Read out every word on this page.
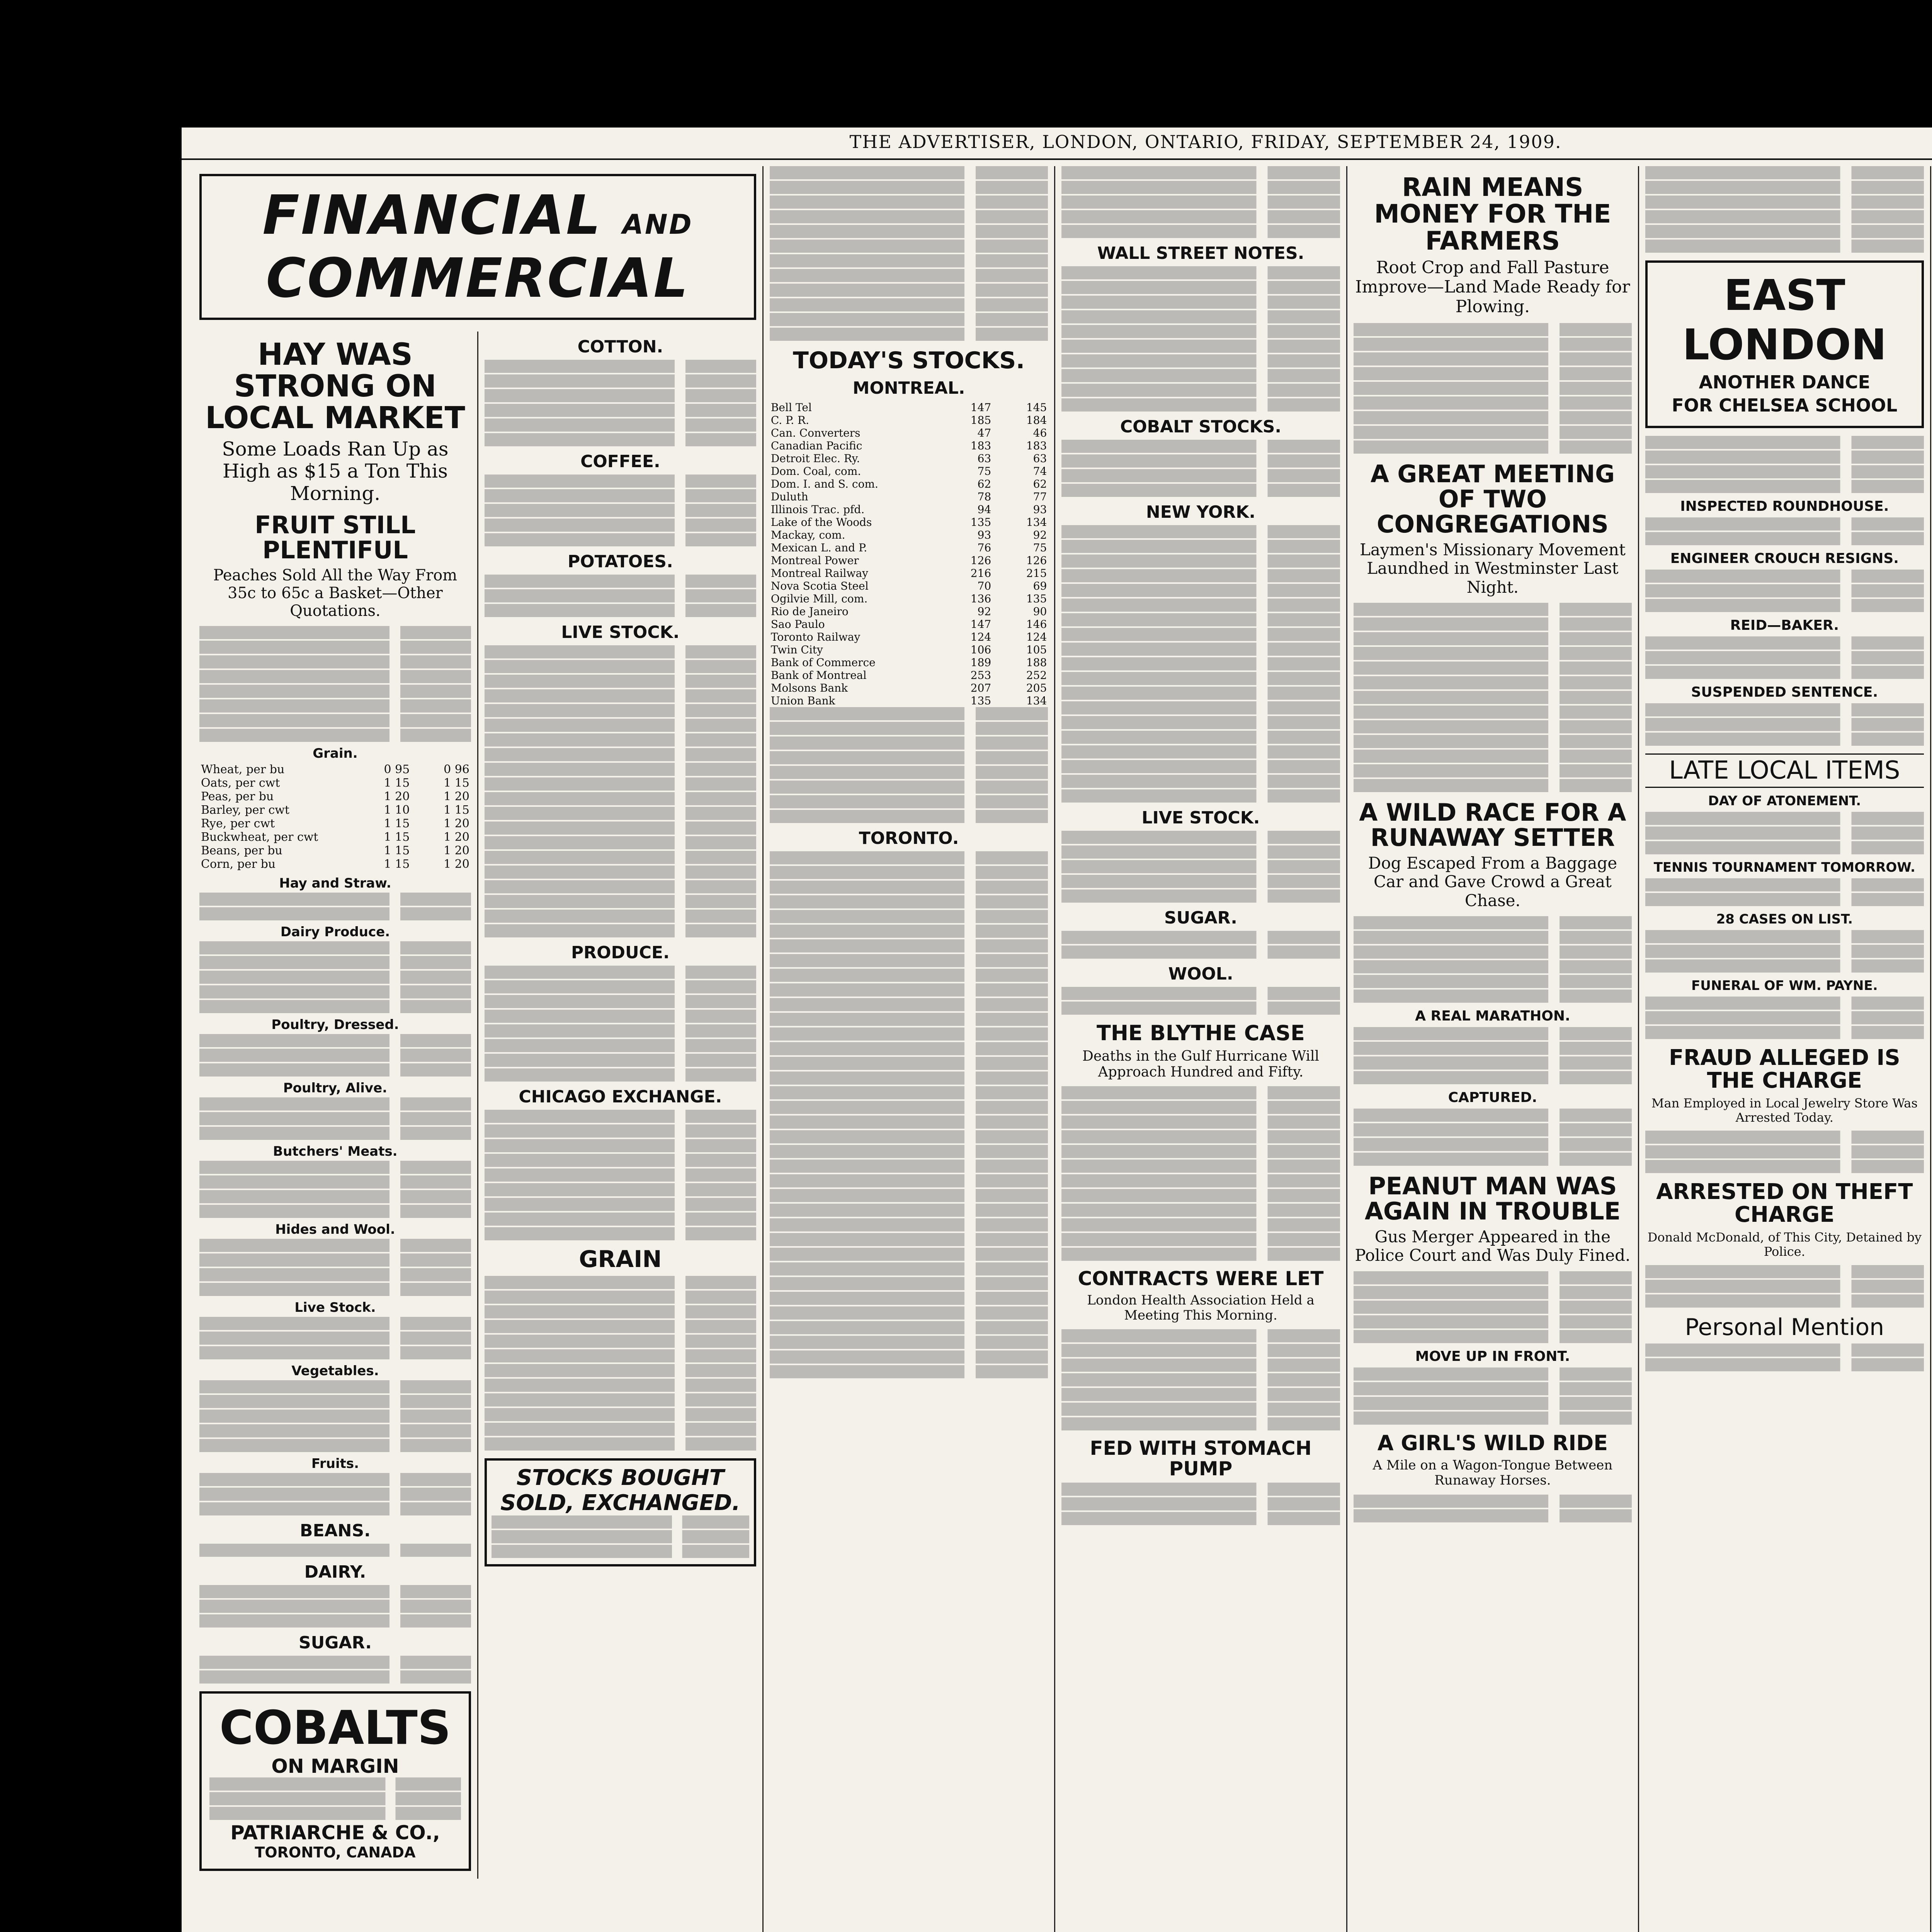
THE ADVERTISER, LONDON, ONTARIO, FRIDAY, SEPTEMBER 24, 1909.
FINANCIAL AND COMMERCIAL
HAY WAS STRONG ON LOCAL MARKET
Some Loads Ran Up as High as $15 a Ton This Morning.
FRUIT STILL PLENTIFUL
Peaches Sold All the Way From 35c to 65c a Basket—Other Quotations.
Grain.
Wheat, per bu	0 95	0 96
Oats, per cwt	1 15	1 15
Peas, per bu	1 20	1 20
Barley, per cwt	1 10	1 15
Rye, per cwt	1 15	1 20
Buckwheat, per cwt	1 15	1 20
Beans, per bu	1 15	1 20
Corn, per bu	1 15	1 20
Hay and Straw.
Dairy Produce.
Poultry, Dressed.
Poultry, Alive.
Butchers' Meats.
Hides and Wool.
Live Stock.
Vegetables.
Fruits.
BEANS.
DAIRY.
SUGAR.
COBALTS
ON MARGIN
PATRIARCHE & CO.,
TORONTO, CANADA
COTTON.
COFFEE.
POTATOES.
LIVE STOCK.
PRODUCE.
CHICAGO EXCHANGE.
GRAIN
STOCKS BOUGHT SOLD, EXCHANGED.
TODAY'S STOCKS.
MONTREAL.
Bell Tel	147	145
C. P. R.	185	184
Can. Converters	47	46
Canadian Pacific	183	183
Detroit Elec. Ry.	63	63
Dom. Coal, com.	75	74
Dom. I. and S. com.	62	62
Duluth	78	77
Illinois Trac. pfd.	94	93
Lake of the Woods	135	134
Mackay, com.	93	92
Mexican L. and P.	76	75
Montreal Power	126	126
Montreal Railway	216	215
Nova Scotia Steel	70	69
Ogilvie Mill, com.	136	135
Rio de Janeiro	92	90
Sao Paulo	147	146
Toronto Railway	124	124
Twin City	106	105
Bank of Commerce	189	188
Bank of Montreal	253	252
Molsons Bank	207	205
Union Bank	135	134
TORONTO.
WALL STREET NOTES.
COBALT STOCKS.
NEW YORK.
LIVE STOCK.
SUGAR.
WOOL.
THE BLYTHE CASE
Deaths in the Gulf Hurricane Will Approach Hundred and Fifty.
CONTRACTS WERE LET
London Health Association Held a Meeting This Morning.
FED WITH STOMACH PUMP
RAIN MEANS MONEY FOR THE FARMERS
Root Crop and Fall Pasture Improve—Land Made Ready for Plowing.
A GREAT MEETING OF TWO CONGREGATIONS
Laymen's Missionary Movement Laundhed in Westminster Last Night.
A WILD RACE FOR A RUNAWAY SETTER
Dog Escaped From a Baggage Car and Gave Crowd a Great Chase.
A REAL MARATHON.
CAPTURED.
PEANUT MAN WAS AGAIN IN TROUBLE
Gus Merger Appeared in the Police Court and Was Duly Fined.
MOVE UP IN FRONT.
A GIRL'S WILD RIDE
A Mile on a Wagon-Tongue Between Runaway Horses.
EAST LONDON
ANOTHER DANCE
FOR CHELSEA SCHOOL
INSPECTED ROUNDHOUSE.
ENGINEER CROUCH RESIGNS.
REID—BAKER.
SUSPENDED SENTENCE.
LATE LOCAL ITEMS
DAY OF ATONEMENT.
TENNIS TOURNAMENT TOMORROW.
28 CASES ON LIST.
FUNERAL OF WM. PAYNE.
FRAUD ALLEGED IS THE CHARGE
Man Employed in Local Jewelry Store Was Arrested Today.
ARRESTED ON THEFT CHARGE
Donald McDonald, of This City, Detained by Police.
Personal Mention
